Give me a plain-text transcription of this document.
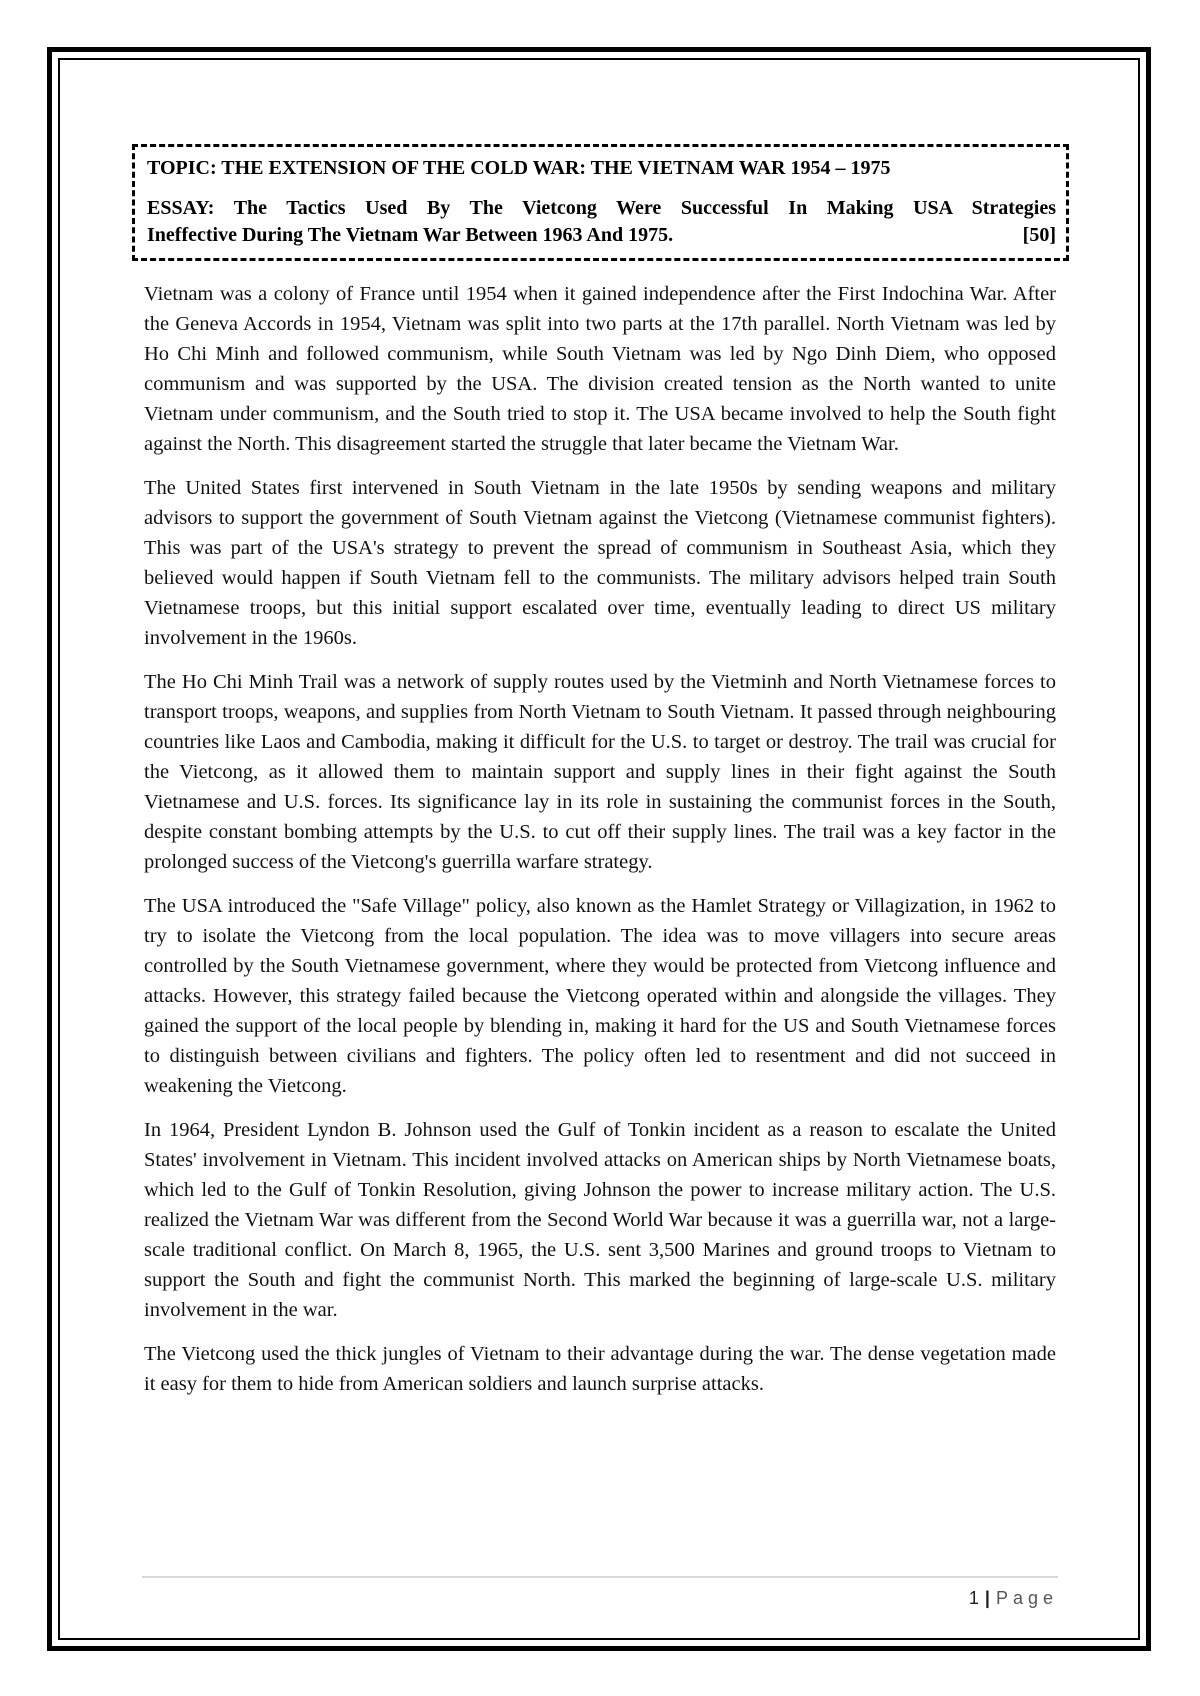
TOPIC: THE EXTENSION OF THE COLD WAR: THE VIETNAM WAR 1954 – 1975
ESSAY: The Tactics Used By The Vietcong Were Successful In Making USA Strategies
Ineffective During The Vietnam War Between 1963 And 1975.	[50]

Vietnam was a colony of France until 1954 when it gained independence after the First Indochina War. After the Geneva Accords in 1954, Vietnam was split into two parts at the 17th parallel. North Vietnam was led by Ho Chi Minh and followed communism, while South Vietnam was led by Ngo Dinh Diem, who opposed communism and was supported by the USA. The division created tension as the North wanted to unite Vietnam under communism, and the South tried to stop it. The USA became involved to help the South fight against the North. This disagreement started the struggle that later became the Vietnam War.

The United States first intervened in South Vietnam in the late 1950s by sending weapons and military advisors to support the government of South Vietnam against the Vietcong (Vietnamese communist fighters). This was part of the USA's strategy to prevent the spread of communism in Southeast Asia, which they believed would happen if South Vietnam fell to the communists. The military advisors helped train South Vietnamese troops, but this initial support escalated over time, eventually leading to direct US military involvement in the 1960s.

The Ho Chi Minh Trail was a network of supply routes used by the Vietminh and North Vietnamese forces to transport troops, weapons, and supplies from North Vietnam to South Vietnam. It passed through neighbouring countries like Laos and Cambodia, making it difficult for the U.S. to target or destroy. The trail was crucial for the Vietcong, as it allowed them to maintain support and supply lines in their fight against the South Vietnamese and U.S. forces. Its significance lay in its role in sustaining the communist forces in the South, despite constant bombing attempts by the U.S. to cut off their supply lines. The trail was a key factor in the prolonged success of the Vietcong's guerrilla warfare strategy.

The USA introduced the "Safe Village" policy, also known as the Hamlet Strategy or Villagization, in 1962 to try to isolate the Vietcong from the local population. The idea was to move villagers into secure areas controlled by the South Vietnamese government, where they would be protected from Vietcong influence and attacks. However, this strategy failed because the Vietcong operated within and alongside the villages. They gained the support of the local people by blending in, making it hard for the US and South Vietnamese forces to distinguish between civilians and fighters. The policy often led to resentment and did not succeed in weakening the Vietcong.

In 1964, President Lyndon B. Johnson used the Gulf of Tonkin incident as a reason to escalate the United States' involvement in Vietnam. This incident involved attacks on American ships by North Vietnamese boats, which led to the Gulf of Tonkin Resolution, giving Johnson the power to increase military action. The U.S. realized the Vietnam War was different from the Second World War because it was a guerrilla war, not a large-scale traditional conflict. On March 8, 1965, the U.S. sent 3,500 Marines and ground troops to Vietnam to support the South and fight the communist North. This marked the beginning of large-scale U.S. military involvement in the war.

The Vietcong used the thick jungles of Vietnam to their advantage during the war. The dense vegetation made it easy for them to hide from American soldiers and launch surprise attacks.

1 | Page
